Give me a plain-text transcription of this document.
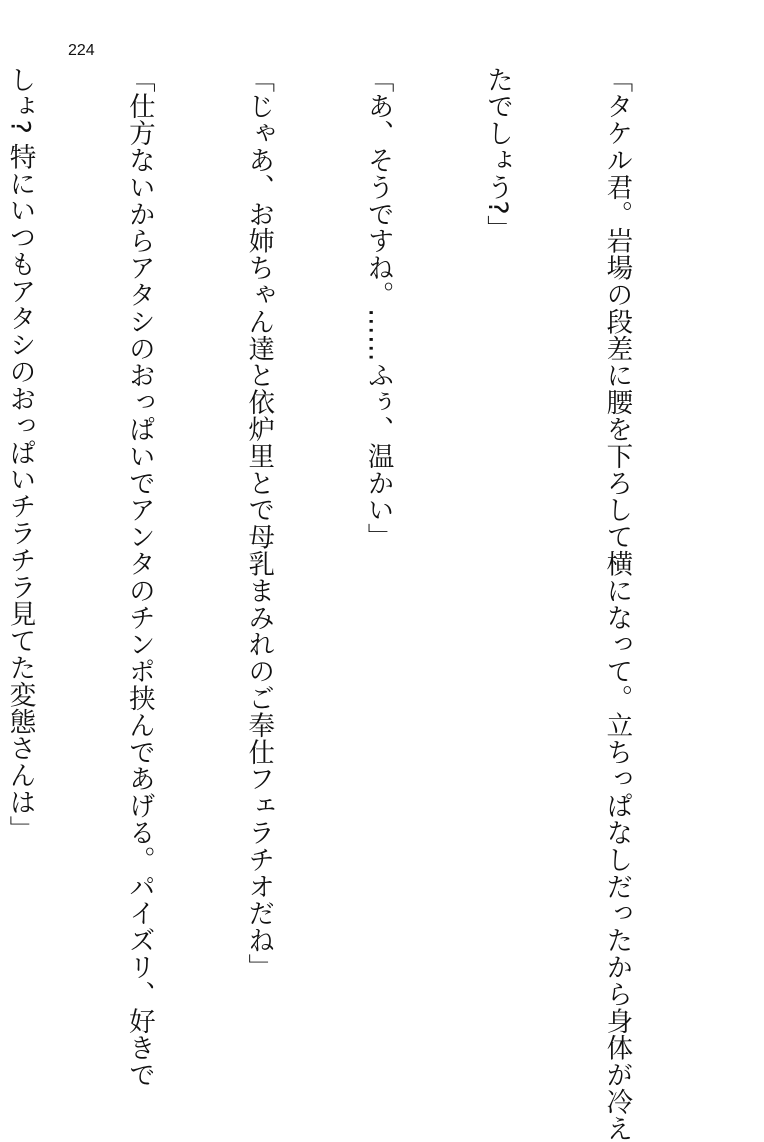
224

「タケル君。岩場の段差に腰を下ろして横になって。立ちっぱなしだったから身体が冷え

たでしょう?」

「あ、そうですね。……ふぅ、温かい」

「じゃあ、お姉ちゃん達と依炉里とで母乳まみれのご奉仕フェラチオだね」

「仕方ないからアタシのおっぱいでアンタのチンポ挟んであげる。パイズリ、好きで

しょ? 特にいつもアタシのおっぱいチラチラ見てた変態さんは」
